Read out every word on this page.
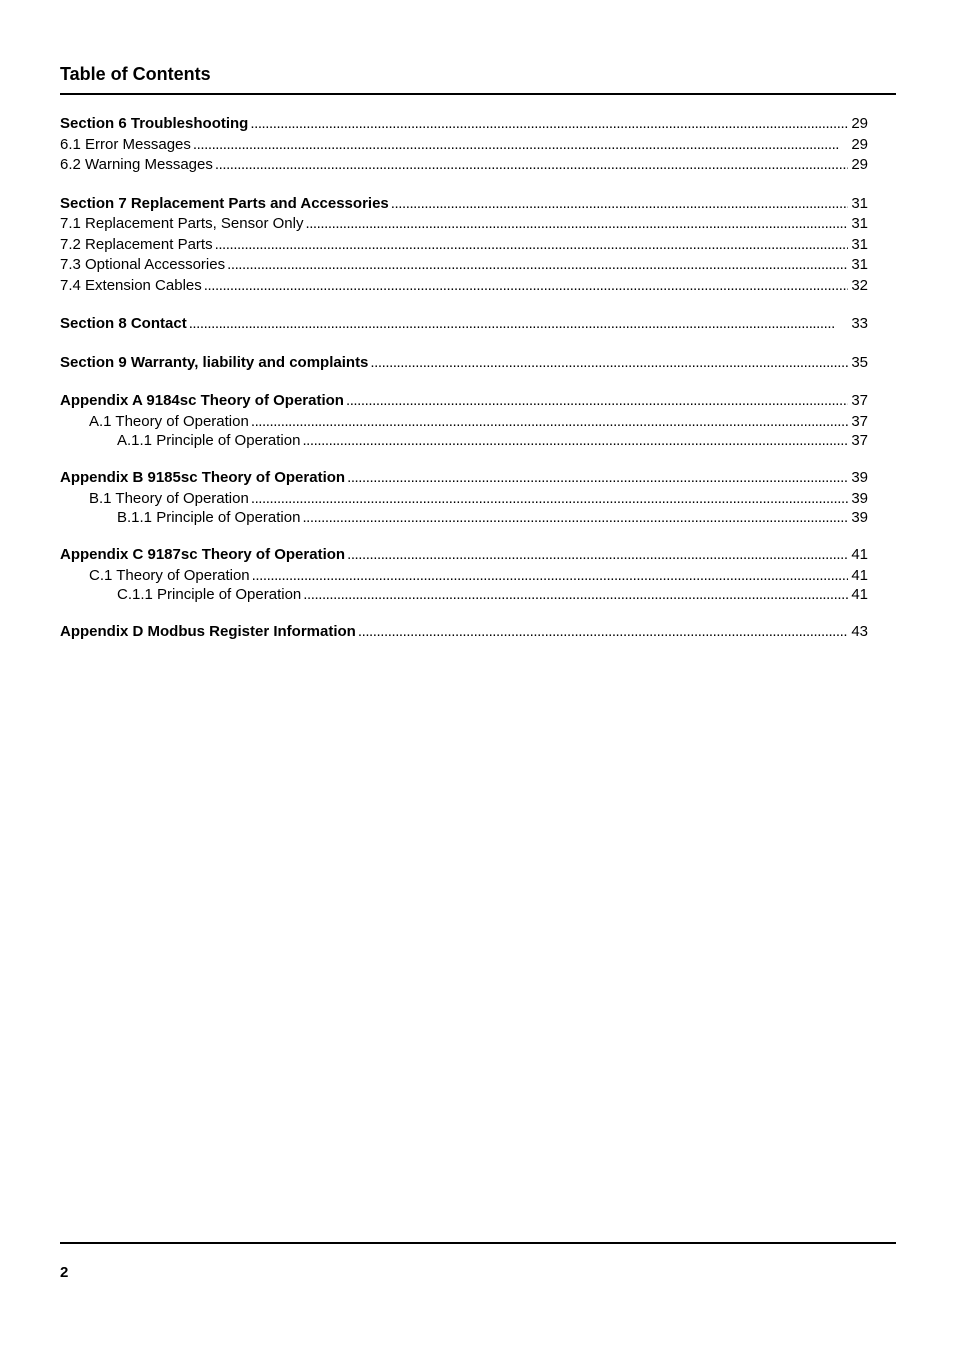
Table of Contents
Section 6 Troubleshooting . . .	29
6.1 Error Messages . . .	29
6.2 Warning Messages . . .	29
Section 7 Replacement Parts and Accessories . . .	31
7.1 Replacement Parts, Sensor Only . . .	31
7.2 Replacement Parts . . .	31
7.3 Optional Accessories . . .	31
7.4 Extension Cables . . .	32
Section 8 Contact . . .	33
Section 9 Warranty, liability and complaints . . .	35
Appendix A 9184sc Theory of Operation . . .	37
A.1 Theory of Operation . . .	37
A.1.1 Principle of Operation . . .	37
Appendix B 9185sc Theory of Operation . . .	39
B.1 Theory of Operation . . .	39
B.1.1 Principle of Operation . . .	39
Appendix C 9187sc Theory of Operation . . .	41
C.1 Theory of Operation . . .	41
C.1.1 Principle of Operation . . .	41
Appendix D Modbus Register Information . . .	43
2
